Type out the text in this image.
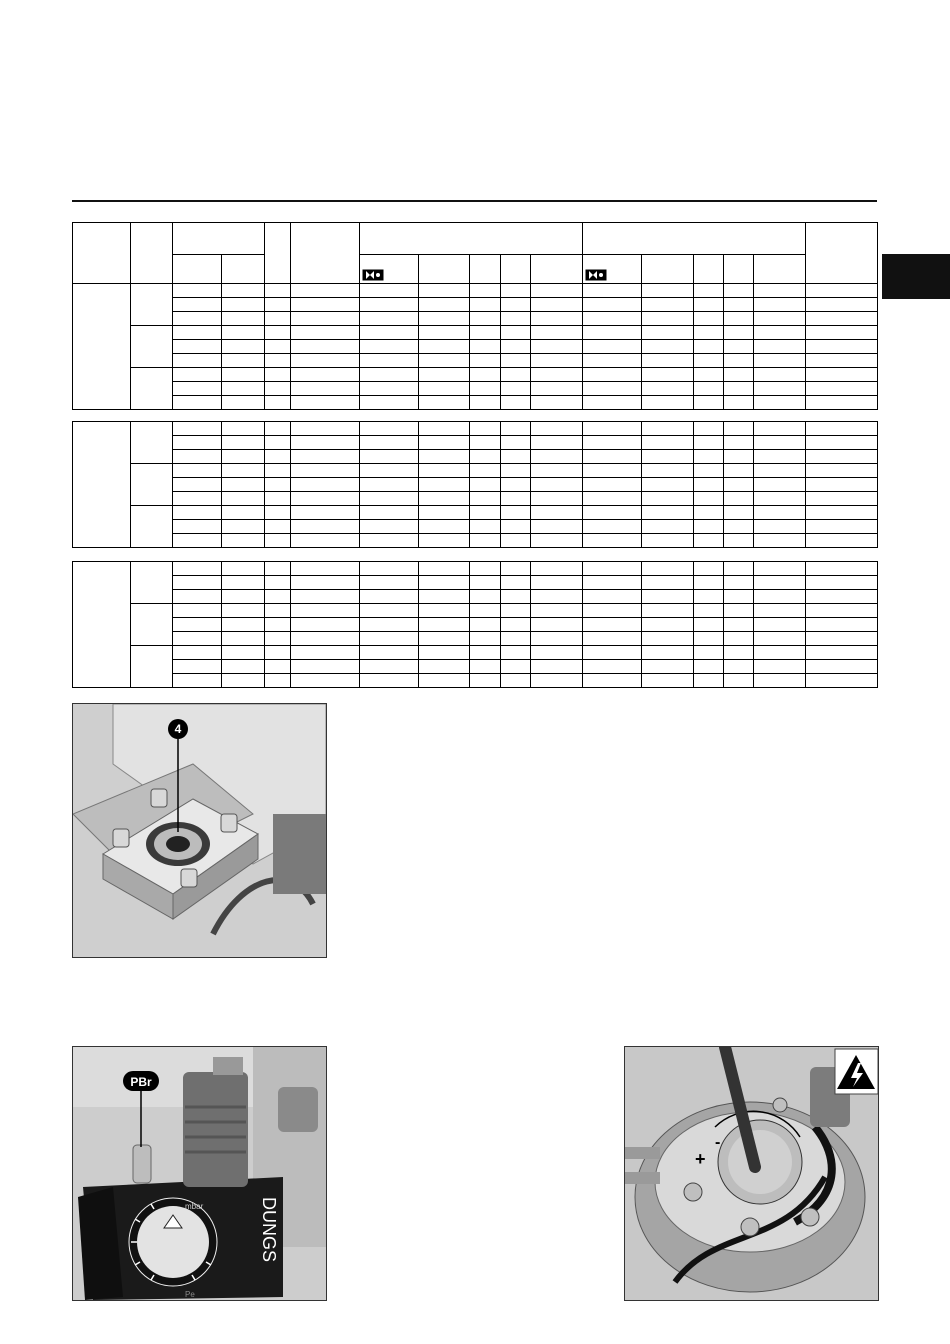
4
mbar
Pe
DUNGS
PBr
+
-
